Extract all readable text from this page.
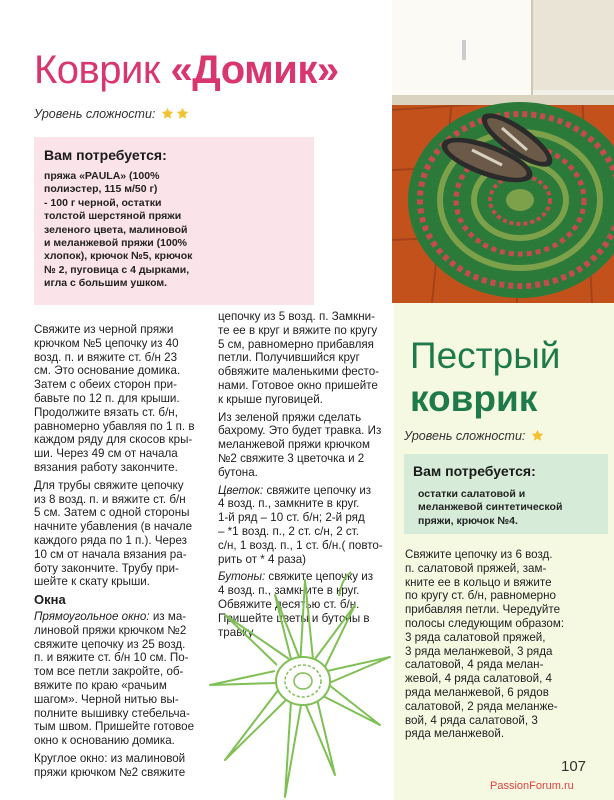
Коврик «Домик»
Уровень сложности:
Вам потребуется:
пряжа «PAULA» (100%
полиэстер, 115 м/50 г)
- 100 г черной, остатки
толстой шерстяной пряжи
зеленого цвета, малиновой
и меланжевой пряжи (100%
хлопок), крючок №5, крючок
№ 2, пуговица с 4 дырками,
игла с большим ушком.

Свяжите из черной пряжи
крючком №5 цепочку из 40
возд. п. и вяжите ст. б/н 23
см. Это основание домика.
Затем с обеих сторон при-
бавьте по 12 п. для крыши.
Продолжите вязать ст. б/н,
равномерно убавляя по 1 п. в
каждом ряду для скосов кры-
ши. Через 49 см от начала
вязания работу закончите.

Для трубы свяжите цепочку
из 8 возд. п. и вяжите ст. б/н
5 см. Затем с одной стороны
начните убавления (в начале
каждого ряда по 1 п.). Через
10 см от начала вязания ра-
боту закончите. Трубу при-
шейте к скату крыши.

Окна

Прямоугольное окно: из ма-
линовой пряжи крючком №2
свяжите цепочку из 25 возд.
п. и вяжите ст. б/н 10 см. По-
том все петли закройте, об-
вяжите по краю «рачьим
шагом». Черной нитью вы-
полните вышивку стебельча-
тым швом. Пришейте готовое
окно к основанию домика.

Круглое окно: из малиновой
пряжи крючком №2 свяжите

цепочку из 5 возд. п. Замкни-
те ее в круг и вяжите по кругу
5 см, равномерно прибавляя
петли. Получившийся круг
обвяжите маленькими фесто-
нами. Готовое окно пришейте
к крыше пуговицей.

Из зеленой пряжи сделать
бахрому. Это будет травка. Из
меланжевой пряжи крючком
№2 свяжите 3 цветочка и 2
бутона.

Цветок: свяжите цепочку из
4 возд. п., замкните в круг.
1-й ряд – 10 ст. б/н; 2-й ряд
– *1 возд. п., 2 ст. с/н, 2 ст.
с/н, 1 возд. п., 1 ст. б/н.( повто-
рить от * 4 раза)

Бутоны: свяжите цепочку из
4 возд. п., замкните в круг.
Обвяжите десятью ст. б/н.
Пришейте цветы и бутоны в
травку.

Пестрый
коврик
Уровень сложности:
Вам потребуется:
остатки салатовой и
меланжевой синтетической
пряжи, крючок №4.

Свяжите цепочку из 6 возд.
п. салатовой пряжей, зам-
кните ее в кольцо и вяжите
по кругу ст. б/н, равномерно
прибавляя петли. Чередуйте
полосы следующим образом:
3 ряда салатовой пряжей,
3 ряда меланжевой, 3 ряда
салатовой, 4 ряда мелан-
жевой, 4 ряда салатовой, 4
ряда меланжевой, 6 рядов
салатовой, 2 ряда меланже-
вой, 4 ряда салатовой, 3
ряда меланжевой.

107
PassionForum.ru
